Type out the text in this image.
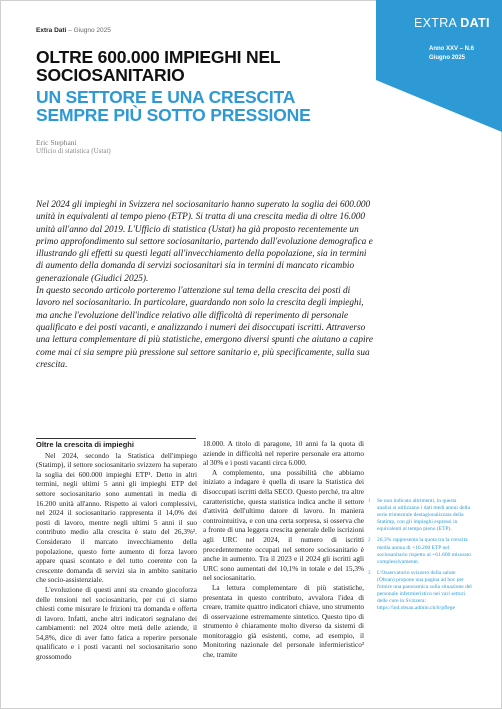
Extra Dati – Giugno 2025
EXTRA DATI
Anno XXV – N.6
Giugno 2025
OLTRE 600.000 IMPIEGHI NEL
SOCIOSANITARIO
UN SETTORE E UNA CRESCITA
SEMPRE PIÙ SOTTO PRESSIONE
Eric Stephani
Ufficio di statistica (Ustat)

Nel 2024 gli impieghi in Svizzera nel sociosanitario hanno superato la soglia dei 600.000 unità in equivalenti al tempo pieno (ETP). Si tratta di una crescita media di oltre 16.000 unità all'anno dal 2019. L'Ufficio di statistica (Ustat) ha già proposto recentemente un primo approfondimento sul settore sociosanitario, partendo dall'evoluzione demografica e illustrando gli effetti su questi legati all'invecchiamento della popolazione, sia in termini di aumento della domanda di servizi sociosanitari sia in termini di mancato ricambio generazionale (Giudici 2025).

In questo secondo articolo porteremo l'attenzione sul tema della crescita dei posti di lavoro nel sociosanitario. In particolare, guardando non solo la crescita degli impieghi, ma anche l'evoluzione dell'indice relativo alle difficoltà di reperimento di personale qualificato e dei posti vacanti, e analizzando i numeri dei disoccupati iscritti. Attraverso una lettura complementare di più statistiche, emergono diversi spunti che aiutano a capire come mai ci sia sempre più pressione sul settore sanitario e, più specificamente, sulla sua crescita.

Oltre la crescita di impieghi

Nel 2024, secondo la Statistica dell'impiego (Statimp), il settore sociosanitario svizzero ha superato la soglia dei 600.000 impieghi ETP¹. Detto in altri termini, negli ultimi 5 anni gli impieghi ETP del settore sociosanitario sono aumentati in media di 16.200 unità all'anno. Rispetto ai valori complessivi, nel 2024 il sociosanitario rappresenta il 14,0% dei posti di lavoro, mentre negli ultimi 5 anni il suo contributo medio alla crescita è stato del 26,3%². Considerato il marcato invecchiamento della popolazione, questo forte aumento di forza lavoro appare quasi scontato e del tutto coerente con la crescente domanda di servizi sia in ambito sanitario che socio-assistenziale.

L'evoluzione di questi anni sta creando giocoforza delle tensioni nel sociosanitario, per cui ci siamo chiesti come misurare le frizioni tra domanda e offerta di lavoro. Infatti, anche altri indicatori segnalano dei cambiamenti: nel 2024 oltre metà delle aziende, il 54,8%, dice di aver fatto fatica a reperire personale qualificato e i posti vacanti nel sociosanitario sono grossomodo

18.000. A titolo di paragone, 10 anni fa la quota di aziende in difficoltà nel reperire personale era attorno al 30% e i posti vacanti circa 6.000.

A complemento, una possibilità che abbiamo iniziato a indagare è quella di usare la Statistica dei disoccupati iscritti della SECO. Questo perché, tra altre caratteristiche, questa statistica indica anche il settore d'attività dell'ultimo datore di lavoro. In maniera controintuitiva, e con una certa sorpresa, si osserva che a fronte di una leggera crescita generale delle iscrizioni agli URC nel 2024, il numero di iscritti precedentemente occupati nel settore sociosanitario è anche in aumento. Tra il 2023 e il 2024 gli iscritti agli URC sono aumentati del 10,1% in totale e del 15,3% nel sociosanitario.

La lettura complementare di più statistiche, presentata in questo contributo, avvalora l'idea di creare, tramite quattro indicatori chiave, uno strumento di osservazione estremamente sintetico. Questo tipo di strumento è chiaramente molto diverso da sistemi di monitoraggio già esistenti, come, ad esempio, il Monitoring nazionale del personale infermieristico³ che, tramite

1 Se non indicato altrimenti, in questa analisi si utilizzano i dati medi annui della serie trimestrale destagionalizzata della Statimp, con gli impieghi espressi in equivalenti al tempo pieno (ETP).
2 26,3% rappresenta la quota tra la crescita media annua di +16.200 ETP nel sociosanitario rispetto al +61.600 misurato complessivamente.
3 L'Osservatorio svizzero della salute (Obsan) propone una pagina ad hoc per fornire una panoramica sulla situazione del personale infermieristico nei vari settori delle cure in Svizzera: https://ind.obsan.admin.ch/it/pflege
